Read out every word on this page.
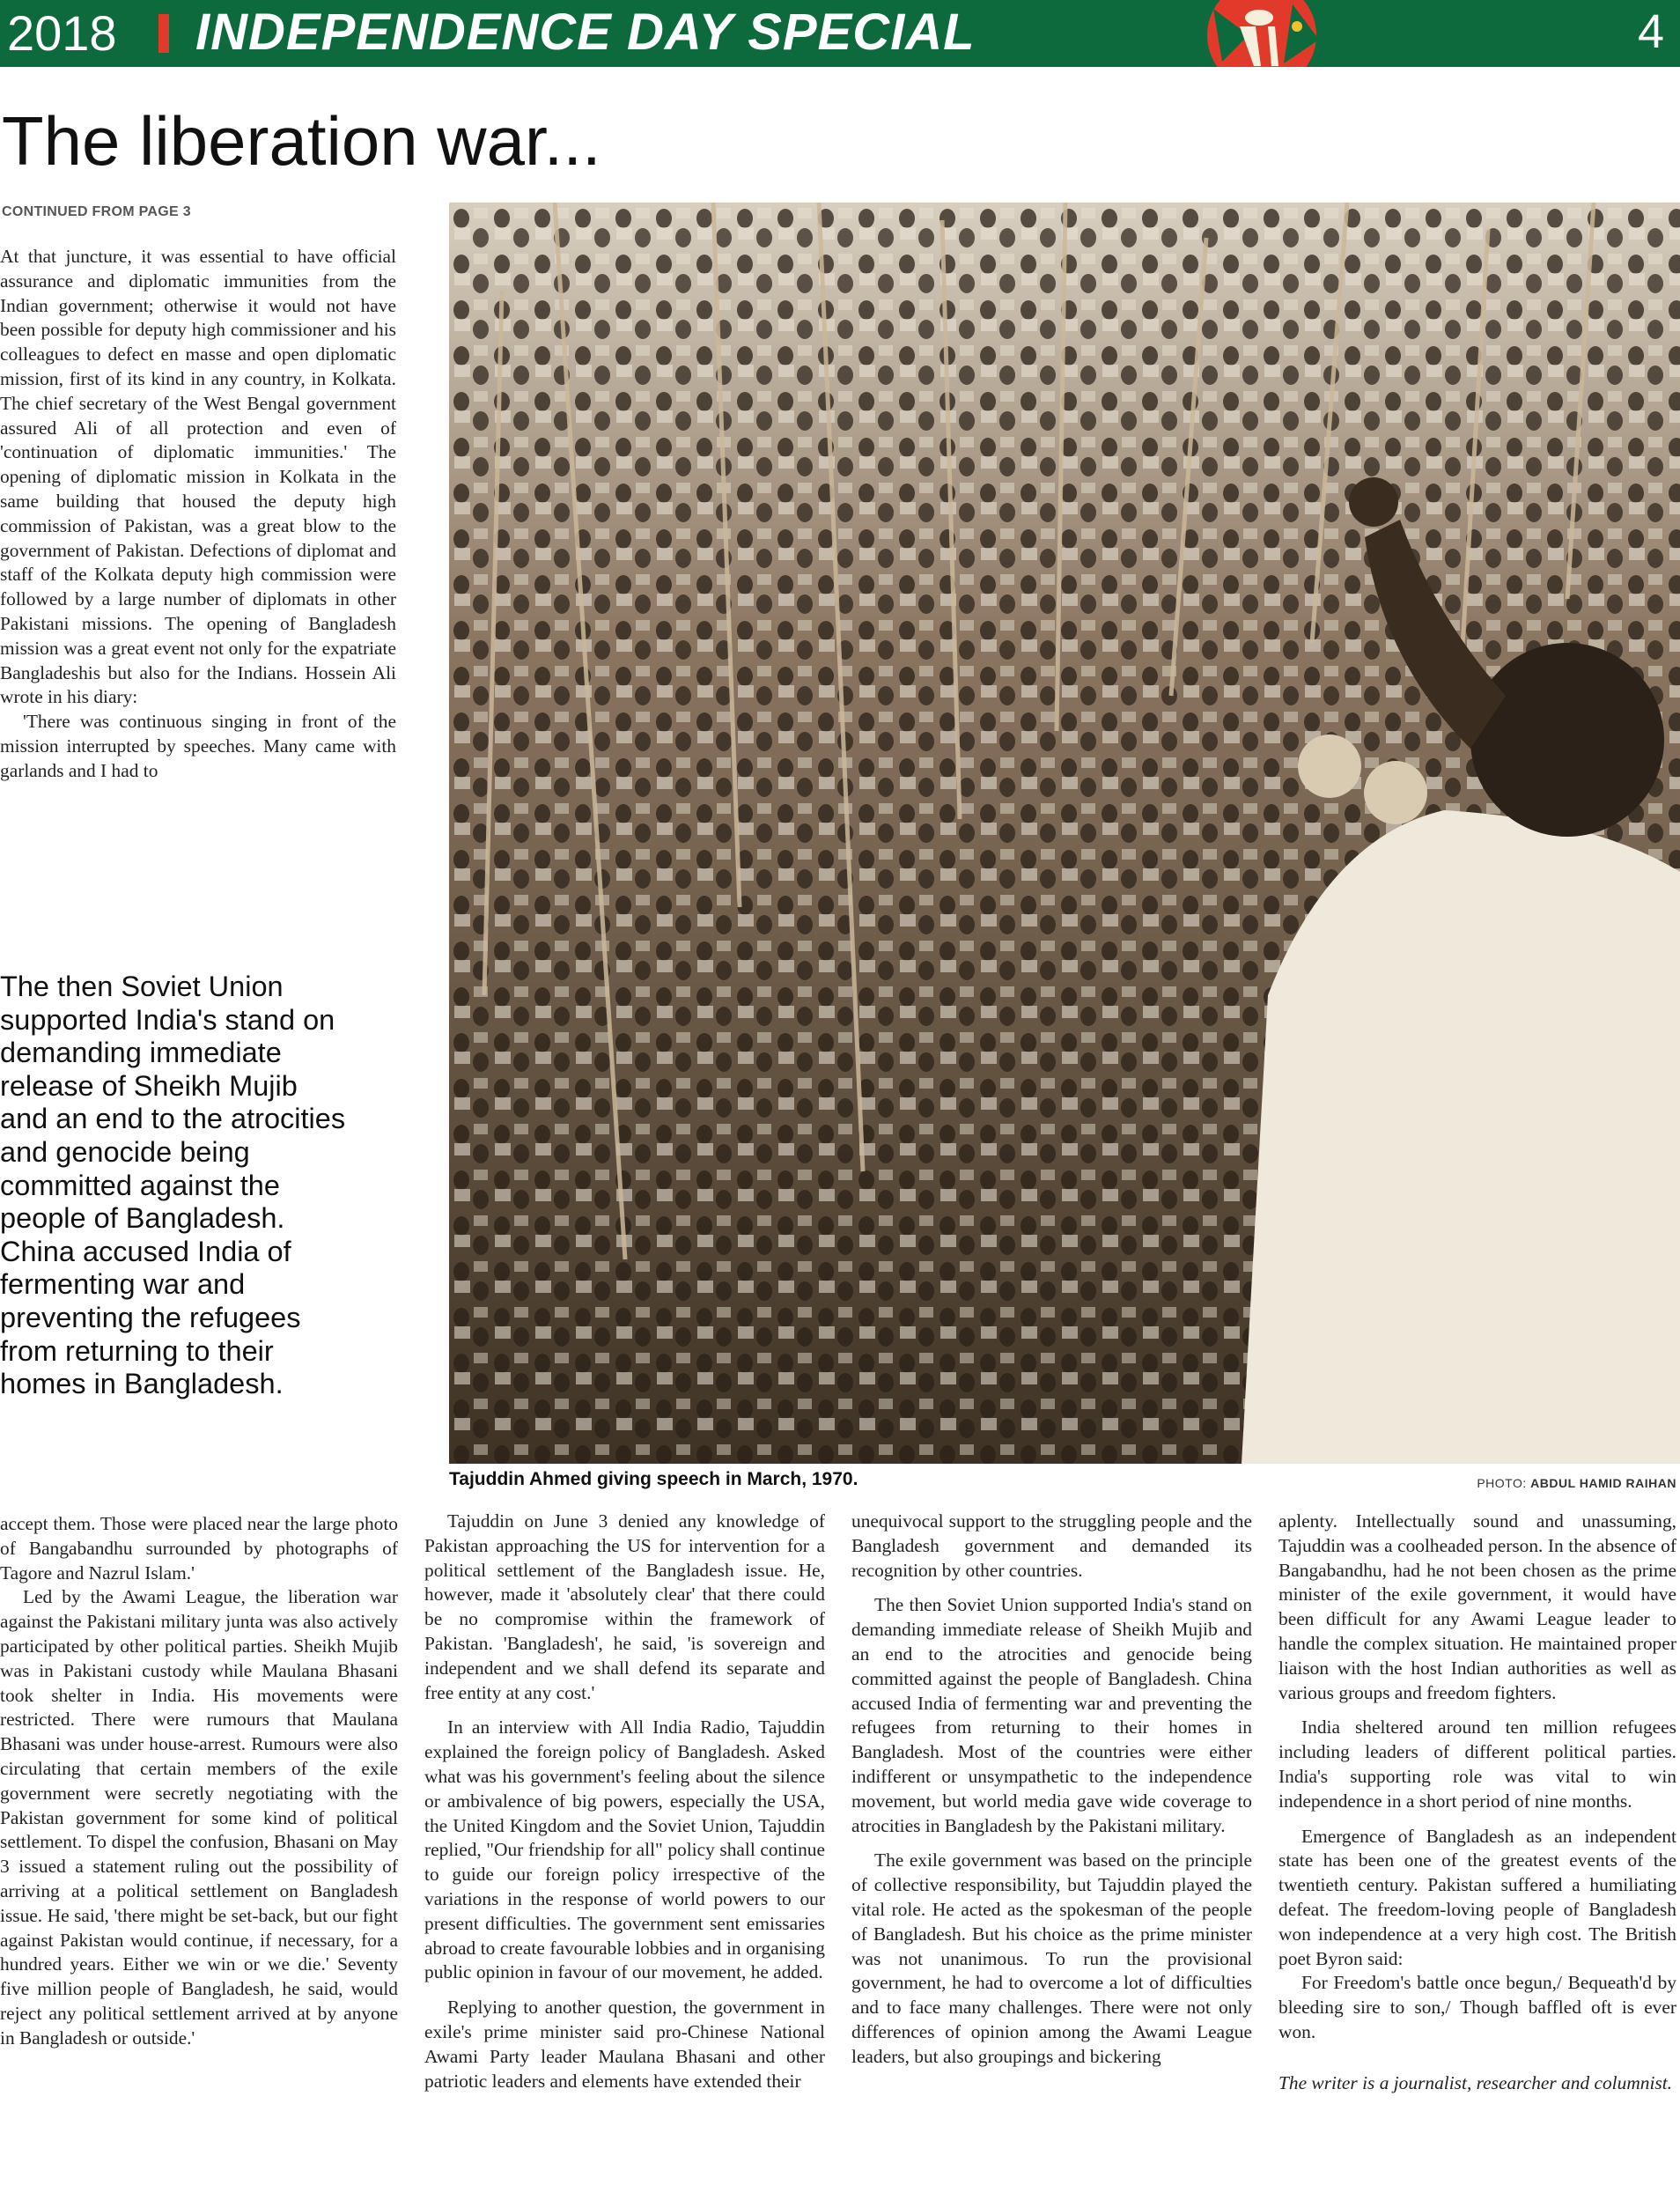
2018 INDEPENDENCE DAY SPECIAL	4
The liberation war...
CONTINUED FROM PAGE 3

At that juncture, it was essential to have official assurance and diplomatic immunities from the Indian government; otherwise it would not have been possible for deputy high commissioner and his colleagues to defect en masse and open diplomatic mission, first of its kind in any country, in Kolkata. The chief secretary of the West Bengal government assured Ali of all protection and even of 'continuation of diplomatic immunities.' The opening of diplomatic mission in Kolkata in the same building that housed the deputy high commission of Pakistan, was a great blow to the government of Pakistan. Defections of diplomat and staff of the Kolkata deputy high commission were followed by a large number of diplomats in other Pakistani missions. The opening of Bangladesh mission was a great event not only for the expatriate Bangladeshis but also for the Indians. Hossein Ali wrote in his diary:

'There was continuous singing in front of the mission interrupted by speeches. Many came with garlands and I had to

The then Soviet Union supported India's stand on demanding immediate release of Sheikh Mujib and an end to the atrocities and genocide being committed against the people of Bangladesh. China accused India of fermenting war and preventing the refugees from returning to their homes in Bangladesh.
Tajuddin Ahmed giving speech in March, 1970.	PHOTO: ABDUL HAMID RAIHAN

accept them. Those were placed near the large photo of Bangabandhu surrounded by photographs of Tagore and Nazrul Islam.'

Led by the Awami League, the liberation war against the Pakistani military junta was also actively participated by other political parties. Sheikh Mujib was in Pakistani custody while Maulana Bhasani took shelter in India. His movements were restricted. There were rumours that Maulana Bhasani was under house-arrest. Rumours were also circulating that certain members of the exile government were secretly negotiating with the Pakistan government for some kind of political settlement. To dispel the confusion, Bhasani on May 3 issued a statement ruling out the possibility of arriving at a political settlement on Bangladesh issue. He said, 'there might be set-back, but our fight against Pakistan would continue, if necessary, for a hundred years. Either we win or we die.' Seventy five million people of Bangladesh, he said, would reject any political settlement arrived at by anyone in Bangladesh or outside.'

Tajuddin on June 3 denied any knowledge of Pakistan approaching the US for intervention for a political settlement of the Bangladesh issue. He, however, made it 'absolutely clear' that there could be no compromise within the framework of Pakistan. 'Bangladesh', he said, 'is sovereign and independent and we shall defend its separate and free entity at any cost.'

In an interview with All India Radio, Tajuddin explained the foreign policy of Bangladesh. Asked what was his government's feeling about the silence or ambivalence of big powers, especially the USA, the United Kingdom and the Soviet Union, Tajuddin replied, "Our friendship for all" policy shall continue to guide our foreign policy irrespective of the variations in the response of world powers to our present difficulties. The government sent emissaries abroad to create favourable lobbies and in organising public opinion in favour of our movement, he added.

Replying to another question, the government in exile's prime minister said pro-Chinese National Awami Party leader Maulana Bhasani and other patriotic leaders and elements have extended their

unequivocal support to the struggling people and the Bangladesh government and demanded its recognition by other countries.

The then Soviet Union supported India's stand on demanding immediate release of Sheikh Mujib and an end to the atrocities and genocide being committed against the people of Bangladesh. China accused India of fermenting war and preventing the refugees from returning to their homes in Bangladesh. Most of the countries were either indifferent or unsympathetic to the independence movement, but world media gave wide coverage to atrocities in Bangladesh by the Pakistani military.

The exile government was based on the principle of collective responsibility, but Tajuddin played the vital role. He acted as the spokesman of the people of Bangladesh. But his choice as the prime minister was not unanimous. To run the provisional government, he had to overcome a lot of difficulties and to face many challenges. There were not only differences of opinion among the Awami League leaders, but also groupings and bickering

aplenty. Intellectually sound and unassuming, Tajuddin was a coolheaded person. In the absence of Bangabandhu, had he not been chosen as the prime minister of the exile government, it would have been difficult for any Awami League leader to handle the complex situation. He maintained proper liaison with the host Indian authorities as well as various groups and freedom fighters.

India sheltered around ten million refugees including leaders of different political parties. India's supporting role was vital to win independence in a short period of nine months.

Emergence of Bangladesh as an independent state has been one of the greatest events of the twentieth century. Pakistan suffered a humiliating defeat. The freedom-loving people of Bangladesh won independence at a very high cost. The British poet Byron said:

For Freedom's battle once begun,/ Bequeath'd by bleeding sire to son,/ Though baffled oft is ever won.

The writer is a journalist, researcher and columnist.
